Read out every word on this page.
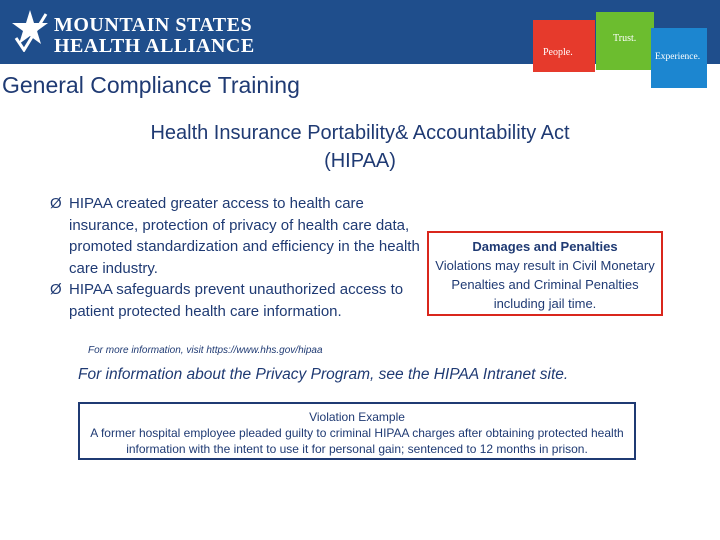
MOUNTAIN STATES
HEALTH ALLIANCE	People.
Trust.
Experience.
General Compliance Training
Health Insurance Portability& Accountability Act
(HIPAA)
Ø HIPAA created greater access to health care insurance, protection of privacy of health care data, promoted standardization and efficiency in the health care industry.
Ø HIPAA safeguards prevent unauthorized access to patient protected health care information.
Damages and Penalties
Violations may result in Civil Monetary Penalties and Criminal Penalties including jail time.
For more information, visit https://www.hhs.gov/hipaa
For information about the Privacy Program, see the HIPAA Intranet site.
Violation Example
A former hospital employee pleaded guilty to criminal HIPAA charges after obtaining protected health information with the intent to use it for personal gain; sentenced to 12 months in prison.
